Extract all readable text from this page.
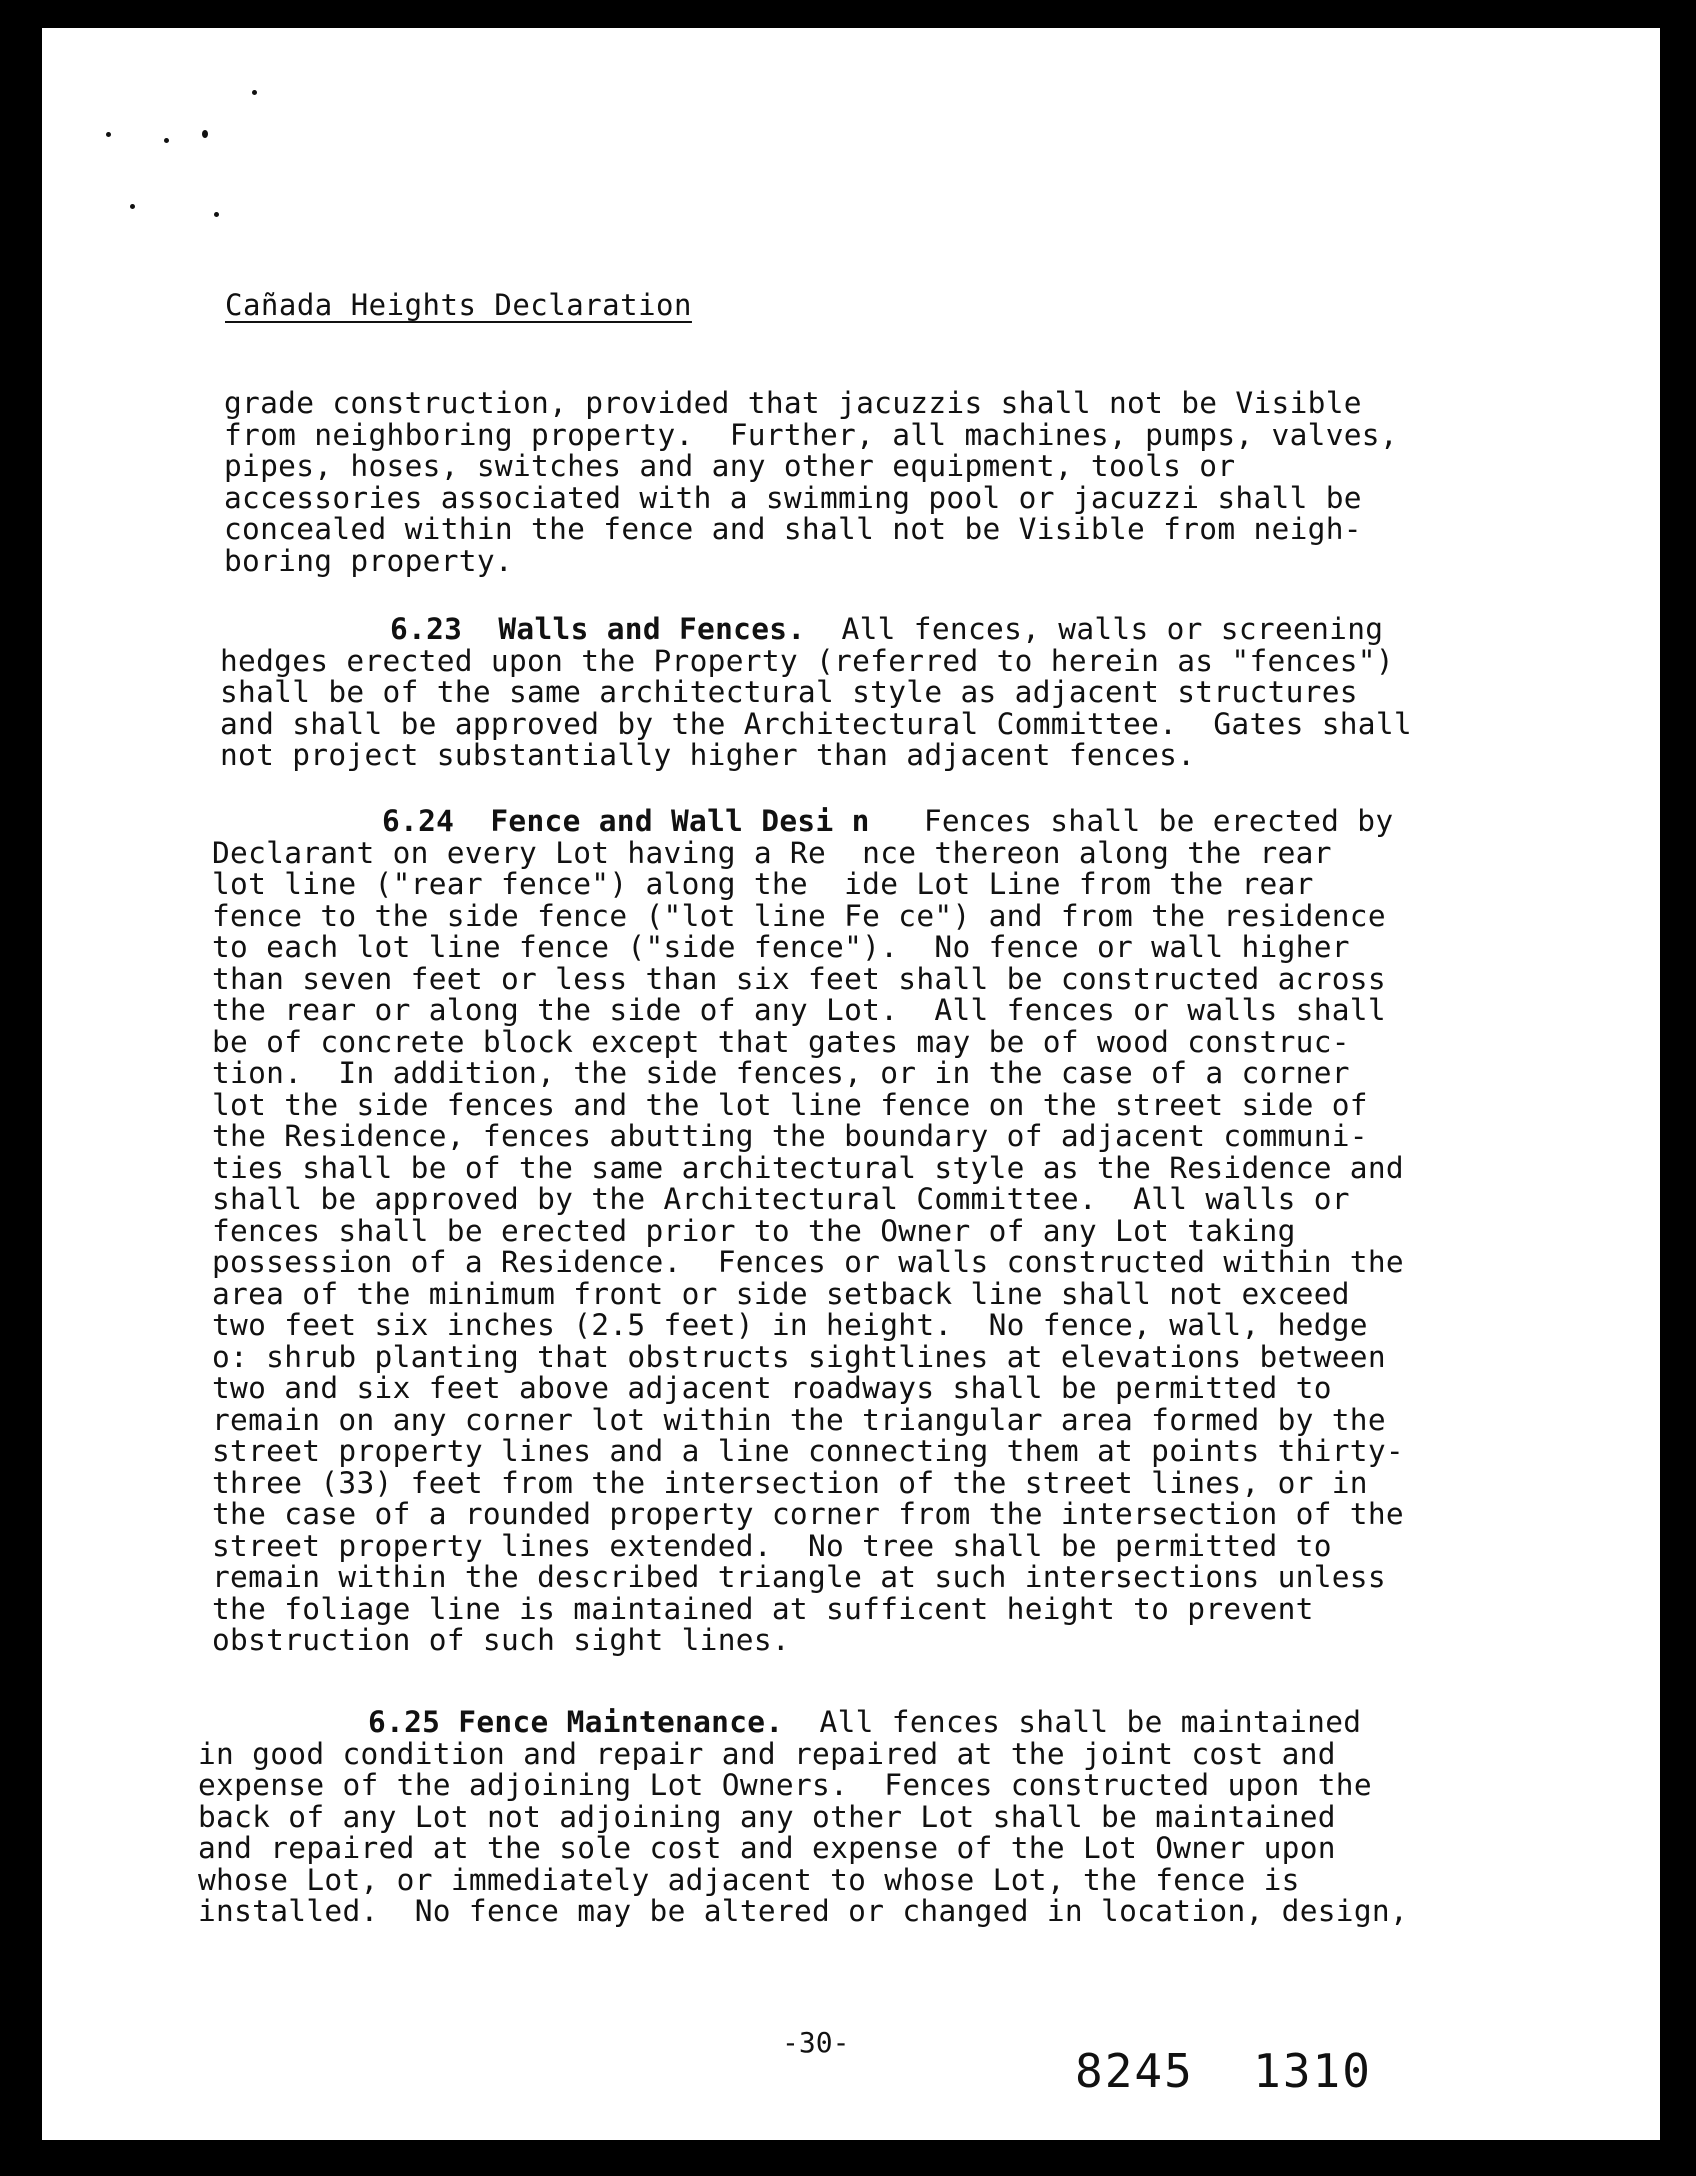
Cañada Heights Declaration
grade construction, provided that jacuzzis shall not be Visible
from neighboring property.  Further, all machines, pumps, valves,
pipes, hoses, switches and any other equipment, tools or
accessories associated with a swimming pool or jacuzzi shall be
concealed within the fence and shall not be Visible from neigh-
boring property.
6.23  Walls and Fences.  All fences, walls or screening
hedges erected upon the Property (referred to herein as "fences")
shall be of the same architectural style as adjacent structures
and shall be approved by the Architectural Committee.  Gates shall
not project substantially higher than adjacent fences.
6.24  Fence and Wall Desi n   Fences shall be erected by
Declarant on every Lot having a Re  nce thereon along the rear
lot line ("rear fence") along the  ide Lot Line from the rear
fence to the side fence ("lot line Fe ce") and from the residence
to each lot line fence ("side fence").  No fence or wall higher
than seven feet or less than six feet shall be constructed across
the rear or along the side of any Lot.  All fences or walls shall
be of concrete block except that gates may be of wood construc-
tion.  In addition, the side fences, or in the case of a corner
lot the side fences and the lot line fence on the street side of
the Residence, fences abutting the boundary of adjacent communi-
ties shall be of the same architectural style as the Residence and
shall be approved by the Architectural Committee.  All walls or
fences shall be erected prior to the Owner of any Lot taking
possession of a Residence.  Fences or walls constructed within the
area of the minimum front or side setback line shall not exceed
two feet six inches (2.5 feet) in height.  No fence, wall, hedge
o: shrub planting that obstructs sightlines at elevations between
two and six feet above adjacent roadways shall be permitted to
remain on any corner lot within the triangular area formed by the
street property lines and a line connecting them at points thirty-
three (33) feet from the intersection of the street lines, or in
the case of a rounded property corner from the intersection of the
street property lines extended.  No tree shall be permitted to
remain within the described triangle at such intersections unless
the foliage line is maintained at sufficent height to prevent
obstruction of such sight lines.
6.25 Fence Maintenance.  All fences shall be maintained
in good condition and repair and repaired at the joint cost and
expense of the adjoining Lot Owners.  Fences constructed upon the
back of any Lot not adjoining any other Lot shall be maintained
and repaired at the sole cost and expense of the Lot Owner upon
whose Lot, or immediately adjacent to whose Lot, the fence is
installed.  No fence may be altered or changed in location, design,
-30-
8245  1310
